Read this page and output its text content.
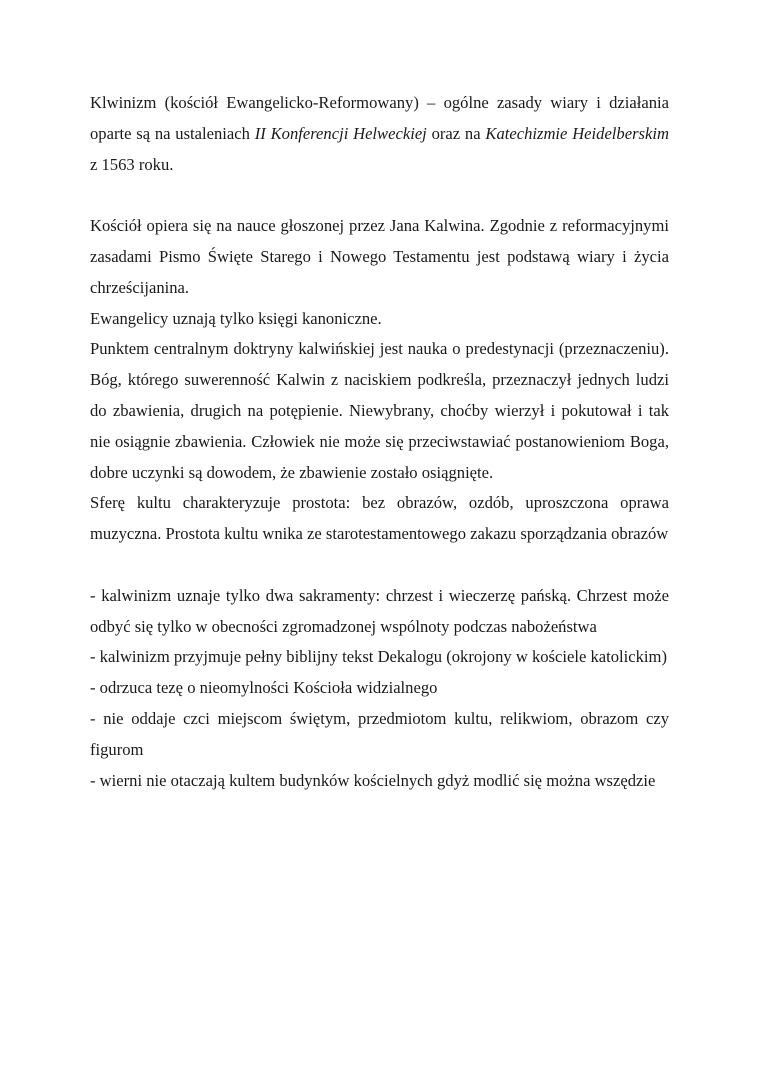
Klwinizm (kościół Ewangelicko-Reformowany) – ogólne zasady wiary i działania oparte są na ustaleniach II Konferencji Helweckiej oraz na Katechizmie Heidelberskim z 1563 roku.

Kościół opiera się na nauce głoszonej przez Jana Kalwina. Zgodnie z reformacyjnymi zasadami Pismo Święte Starego i Nowego Testamentu jest podstawą wiary i życia chrześcijanina.

Ewangelicy uznają tylko księgi kanoniczne.

Punktem centralnym doktryny kalwińskiej jest nauka o predestynacji (przeznaczeniu). Bóg, którego suwerenność Kalwin z naciskiem podkreśla, przeznaczył jednych ludzi do zbawienia, drugich na potępienie. Niewybrany, choćby wierzył i pokutował i tak nie osiągnie zbawienia. Człowiek nie może się przeciwstawiać postanowieniom Boga, dobre uczynki są dowodem, że zbawienie zostało osiągnięte.

Sferę kultu charakteryzuje prostota: bez obrazów, ozdób, uproszczona oprawa muzyczna. Prostota kultu wnika ze starotestamentowego zakazu sporządzania obrazów

- kalwinizm uznaje tylko dwa sakramenty: chrzest i wieczerzę pańską. Chrzest może odbyć się tylko w obecności zgromadzonej wspólnoty podczas nabożeństwa

- kalwinizm przyjmuje pełny biblijny tekst Dekalogu (okrojony w kościele katolickim)

- odrzuca tezę o nieomylności Kościoła widzialnego

- nie oddaje czci miejscom świętym, przedmiotom kultu, relikwiom, obrazom czy figurom

- wierni nie otaczają kultem budynków kościelnych gdyż modlić się można wszędzie
